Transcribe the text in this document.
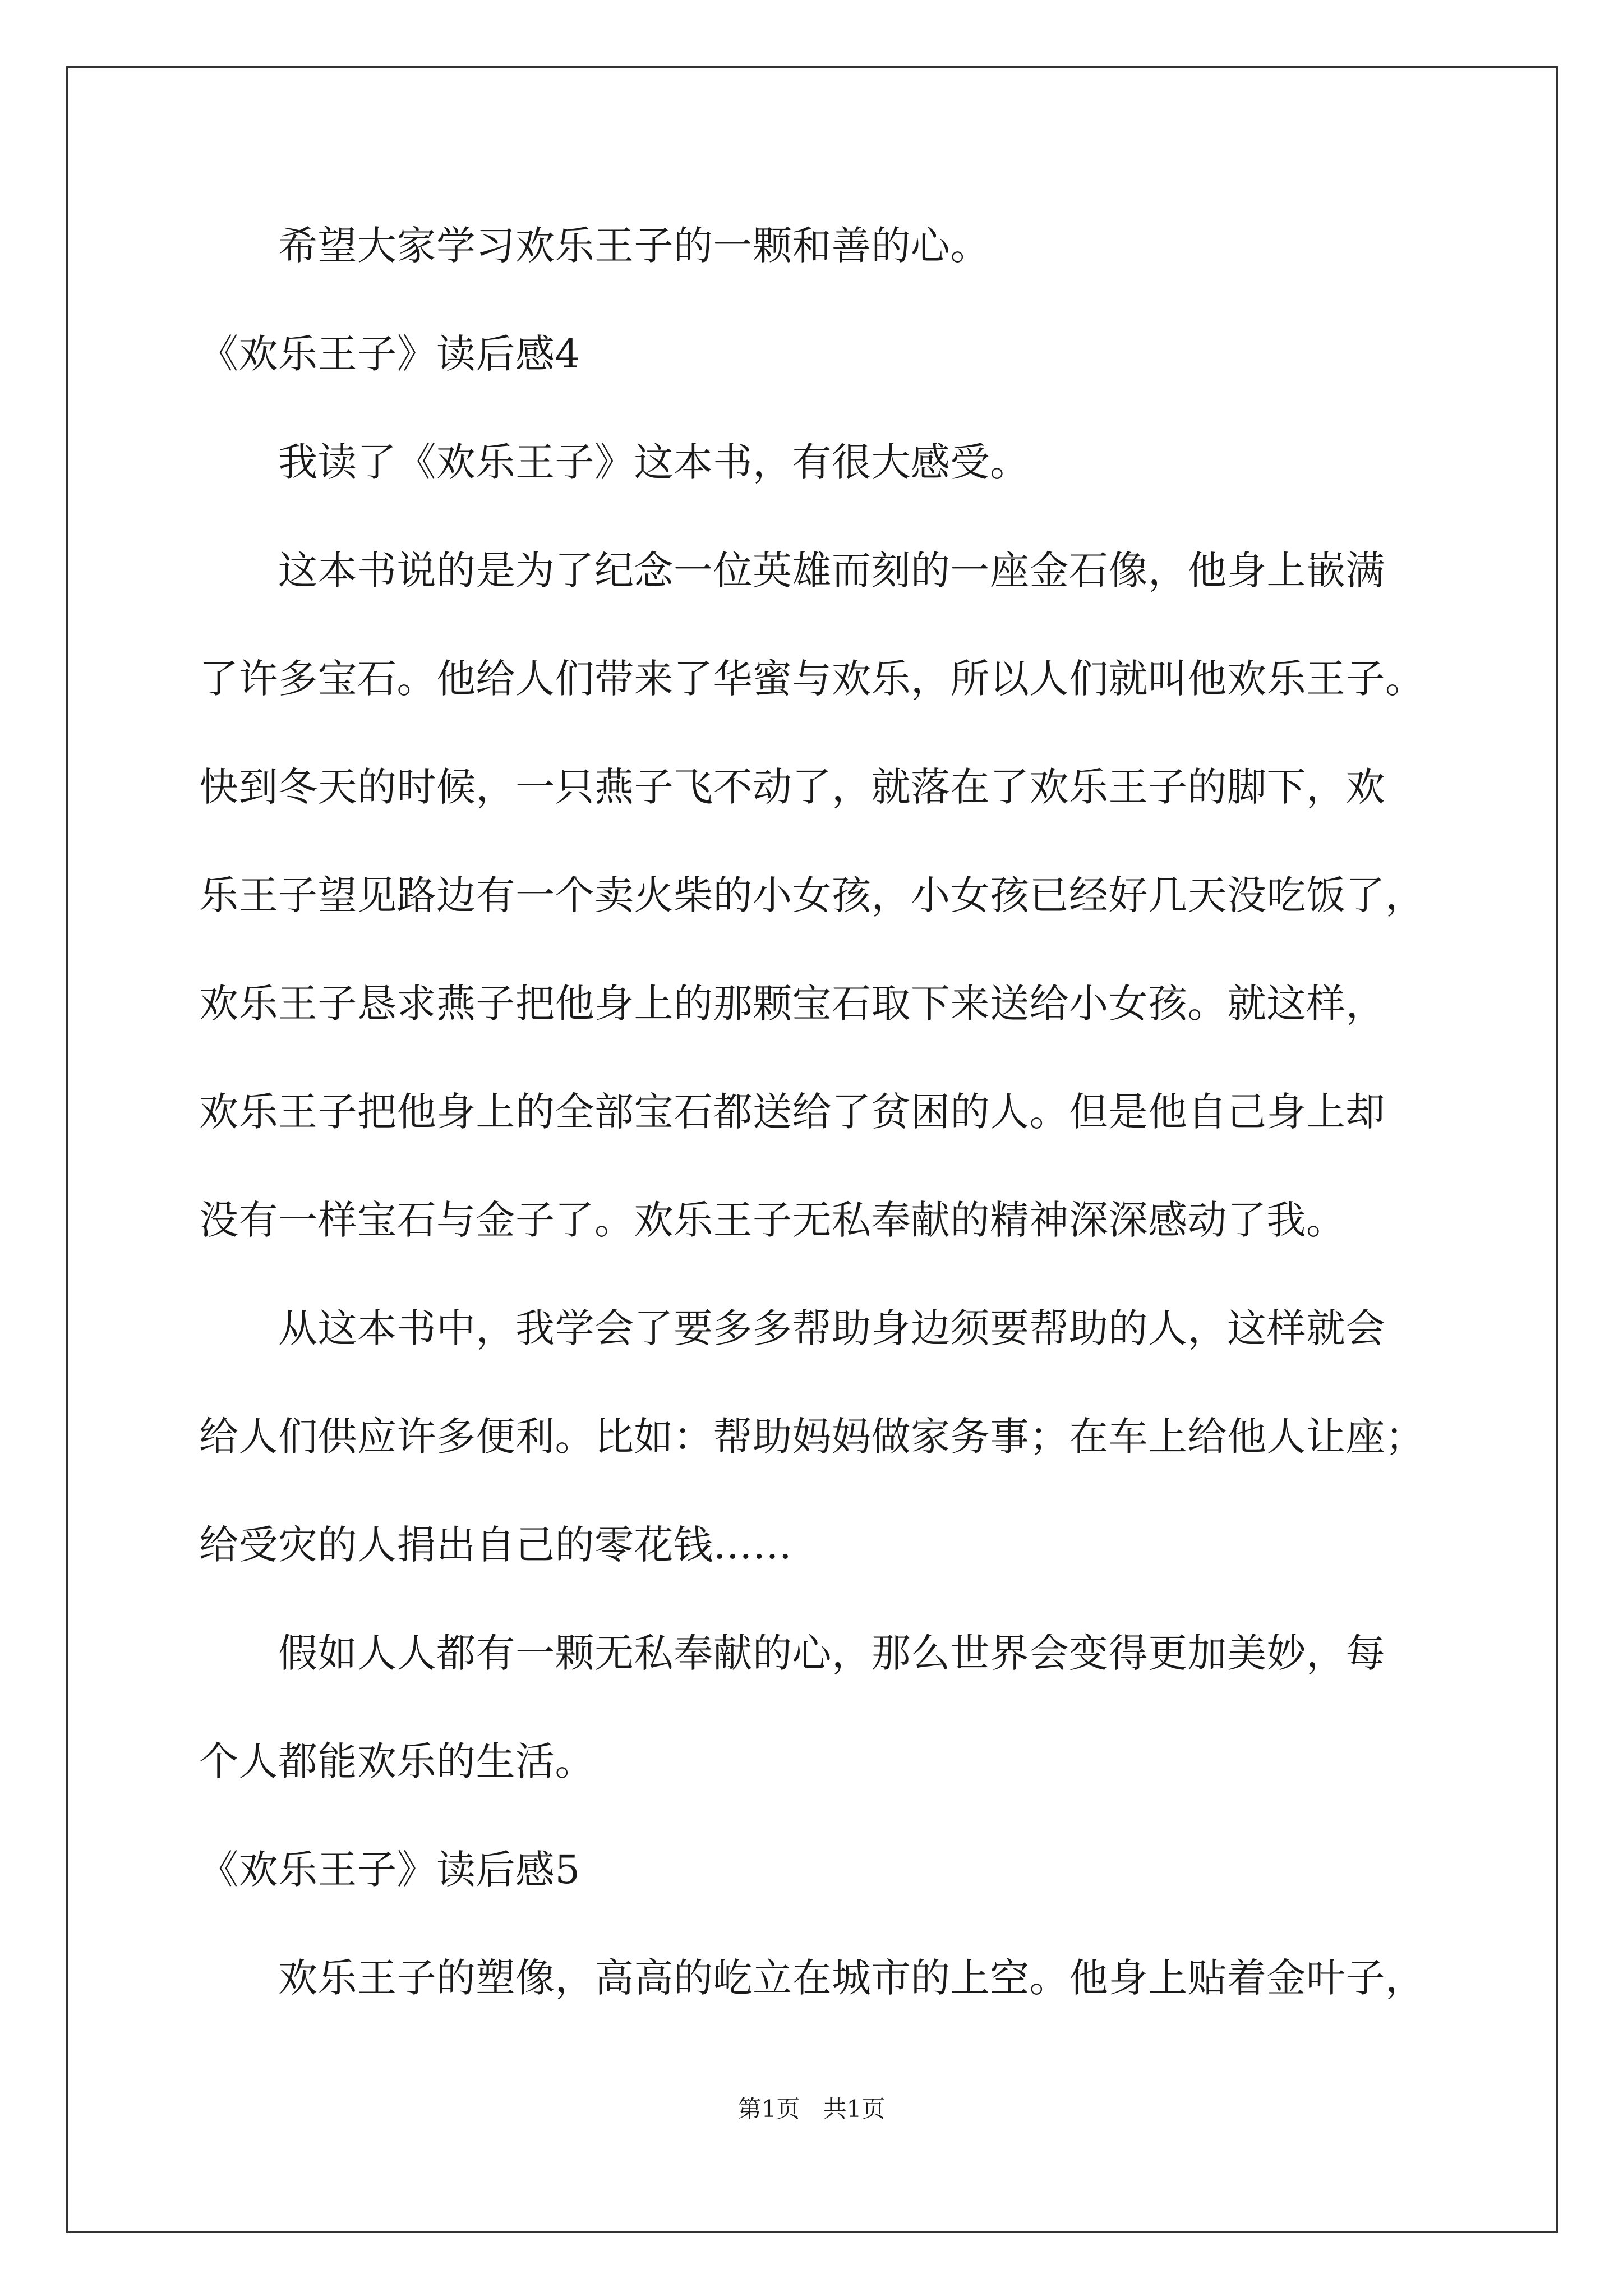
　　希望大家学习欢乐王子的一颗和善的心。
《欢乐王子》读后感4
　　我读了《欢乐王子》这本书，有很大感受。
　　这本书说的是为了纪念一位英雄而刻的一座金石像，他身上嵌满
了许多宝石。他给人们带来了华蜜与欢乐，所以人们就叫他欢乐王子。
快到冬天的时候，一只燕子飞不动了，就落在了欢乐王子的脚下，欢
乐王子望见路边有一个卖火柴的小女孩，小女孩已经好几天没吃饭了，
欢乐王子恳求燕子把他身上的那颗宝石取下来送给小女孩。就这样，
欢乐王子把他身上的全部宝石都送给了贫困的人。但是他自己身上却
没有一样宝石与金子了。欢乐王子无私奉献的精神深深感动了我。
　　从这本书中，我学会了要多多帮助身边须要帮助的人，这样就会
给人们供应许多便利。比如：帮助妈妈做家务事；在车上给他人让座；
给受灾的人捐出自己的零花钱……
　　假如人人都有一颗无私奉献的心，那么世界会变得更加美妙，每
个人都能欢乐的生活。
《欢乐王子》读后感5
　　欢乐王子的塑像，高高的屹立在城市的上空。他身上贴着金叶子，
第1页 共1页
